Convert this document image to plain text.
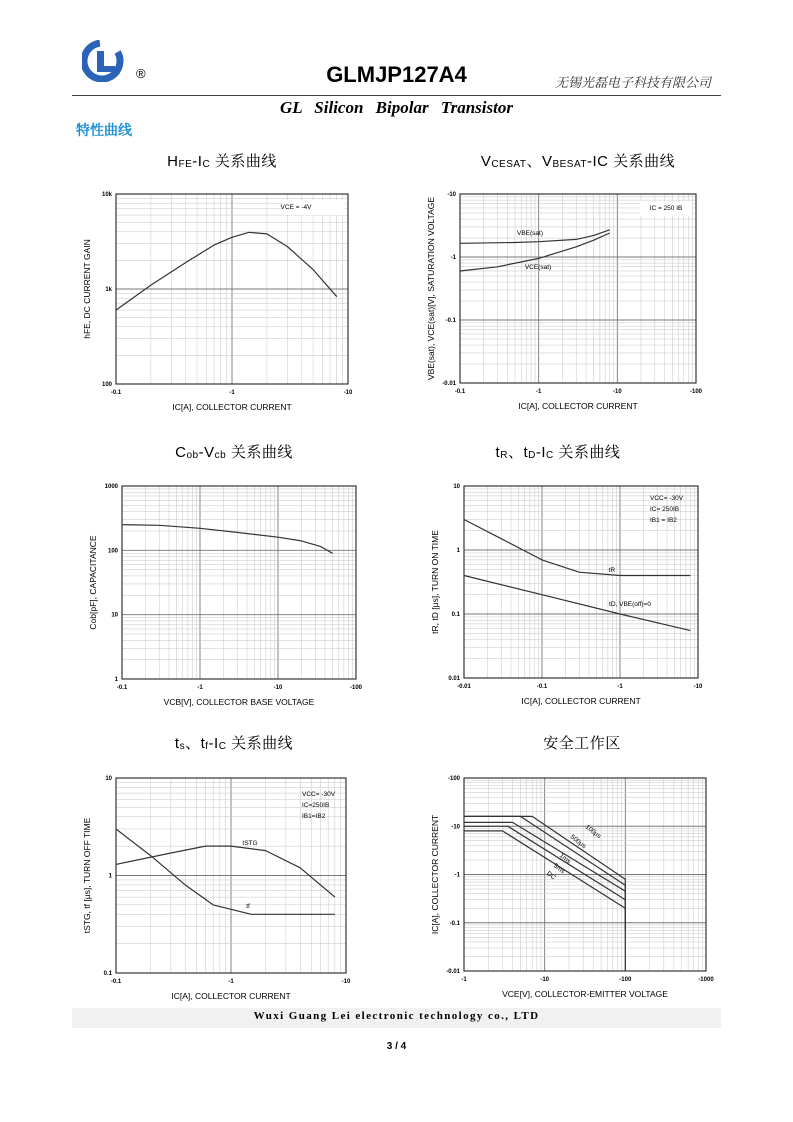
®	GLMJP127A4	无锡光磊电子科技有限公司
GL Silicon Bipolar Transistor
特性曲线
$H_{FE}-I_C$ 关系曲线	$V_{CESAT}$、$V_{BESAT}-IC$ 关系曲线
$C_{ob}-V_{cb}$ 关系曲线	$t_R$、$t_D-I_C$ 关系曲线
$t_s$、$t_f-I_C$ 关系曲线	安全工作区
-0.1	-1	-10
100
1k
10k
IC[A], COLLECTOR CURRENT
hFE, DC CURRENT GAIN
VCE = -4V
-0.1	-1	-10	-100
-0.01
-0.1
-1
-10
IC[A], COLLECTOR CURRENT
VBE(sat), VCE(sat)[V], SATURATION VOLTAGE	IC = 250 IB
VBE(sat)
VCE(sat)
-0.1	-1	-10	-100
1
10
100
1000
VCB[V], COLLECTOR BASE VOLTAGE
Cob[pF], CAPACITANCE
-0.01	-0.1	-1	-10
0.01
0.1
1
10
IC[A], COLLECTOR CURRENT
tR, tD [μs], TURN ON TIME
VCC= -30V
IC= 250IB
IB1 = IB2
tR
tD, VBE(off)=0
-0.1	-1	-10
0.1
1
10
IC[A], COLLECTOR CURRENT
tSTG, tf [μs], TURN OFF TIME
VCC= -30V
IC=250IB
IB1=IB2
tSTG
tf
-1	-10	-100	-1000
-0.01
-0.1
-1
-10
-100
VCE[V], COLLECTOR-EMITTER VOLTAGE
IC[A], COLLECTOR CURRENT	100μs
500μs
1ms
5ms
DC
Wuxi Guang Lei electronic technology co., LTD
3 / 4
